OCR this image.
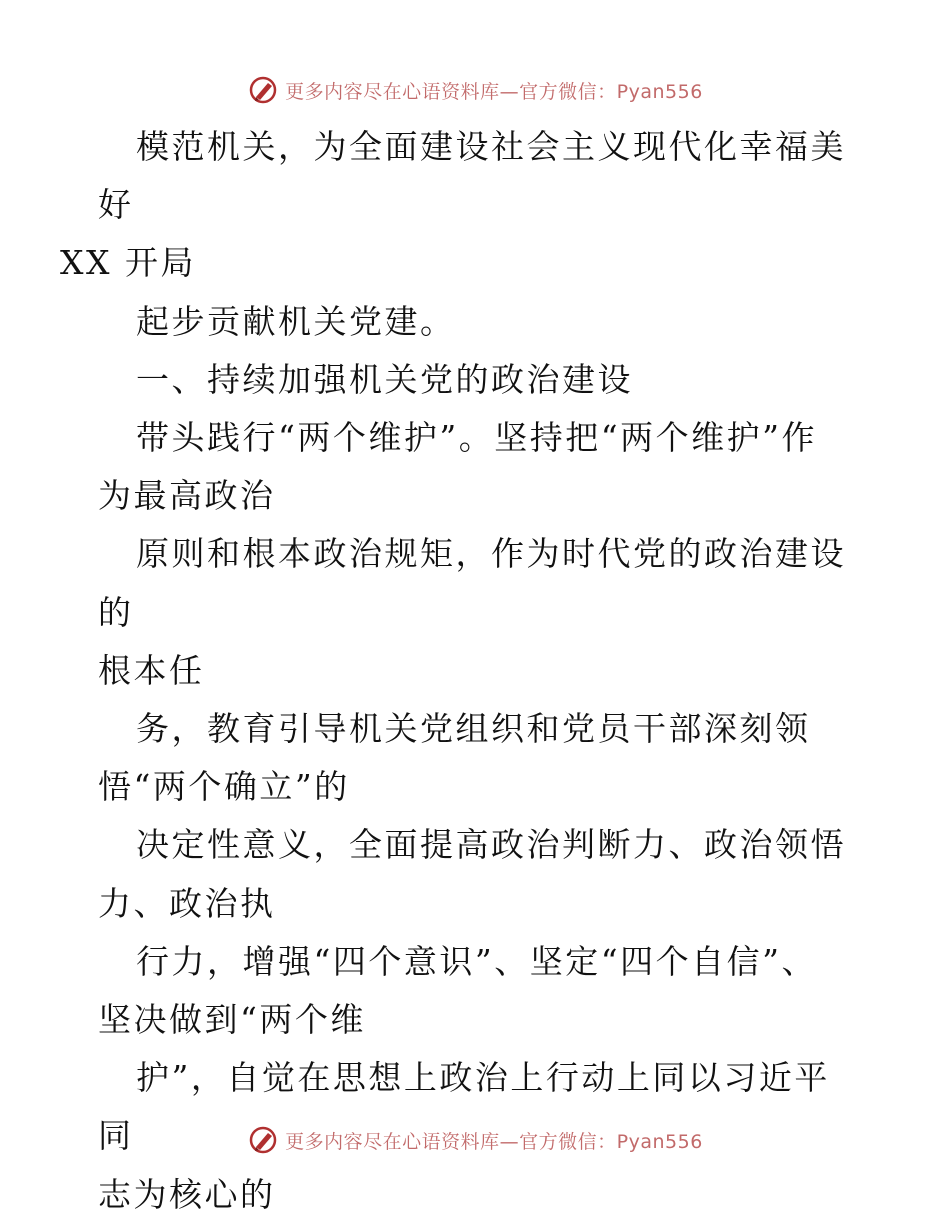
更多内容尽在心语资料库—官方微信：Pyan556

模范机关，为全面建设社会主义现代化幸福美好
XX 开局

起步贡献机关党建。

一、持续加强机关党的政治建设

带头践行“两个维护”。坚持把“两个维护”作
为最高政治

原则和根本政治规矩，作为时代党的政治建设的
根本任

务，教育引导机关党组织和党员干部深刻领
悟“两个确立”的

决定性意义，全面提高政治判断力、政治领悟
力、政治执

行力，增强“四个意识”、坚定“四个自信”、
坚决做到“两个维

护”，自觉在思想上政治上行动上同以习近平同
志为核心的

更多内容尽在心语资料库—官方微信：Pyan556
